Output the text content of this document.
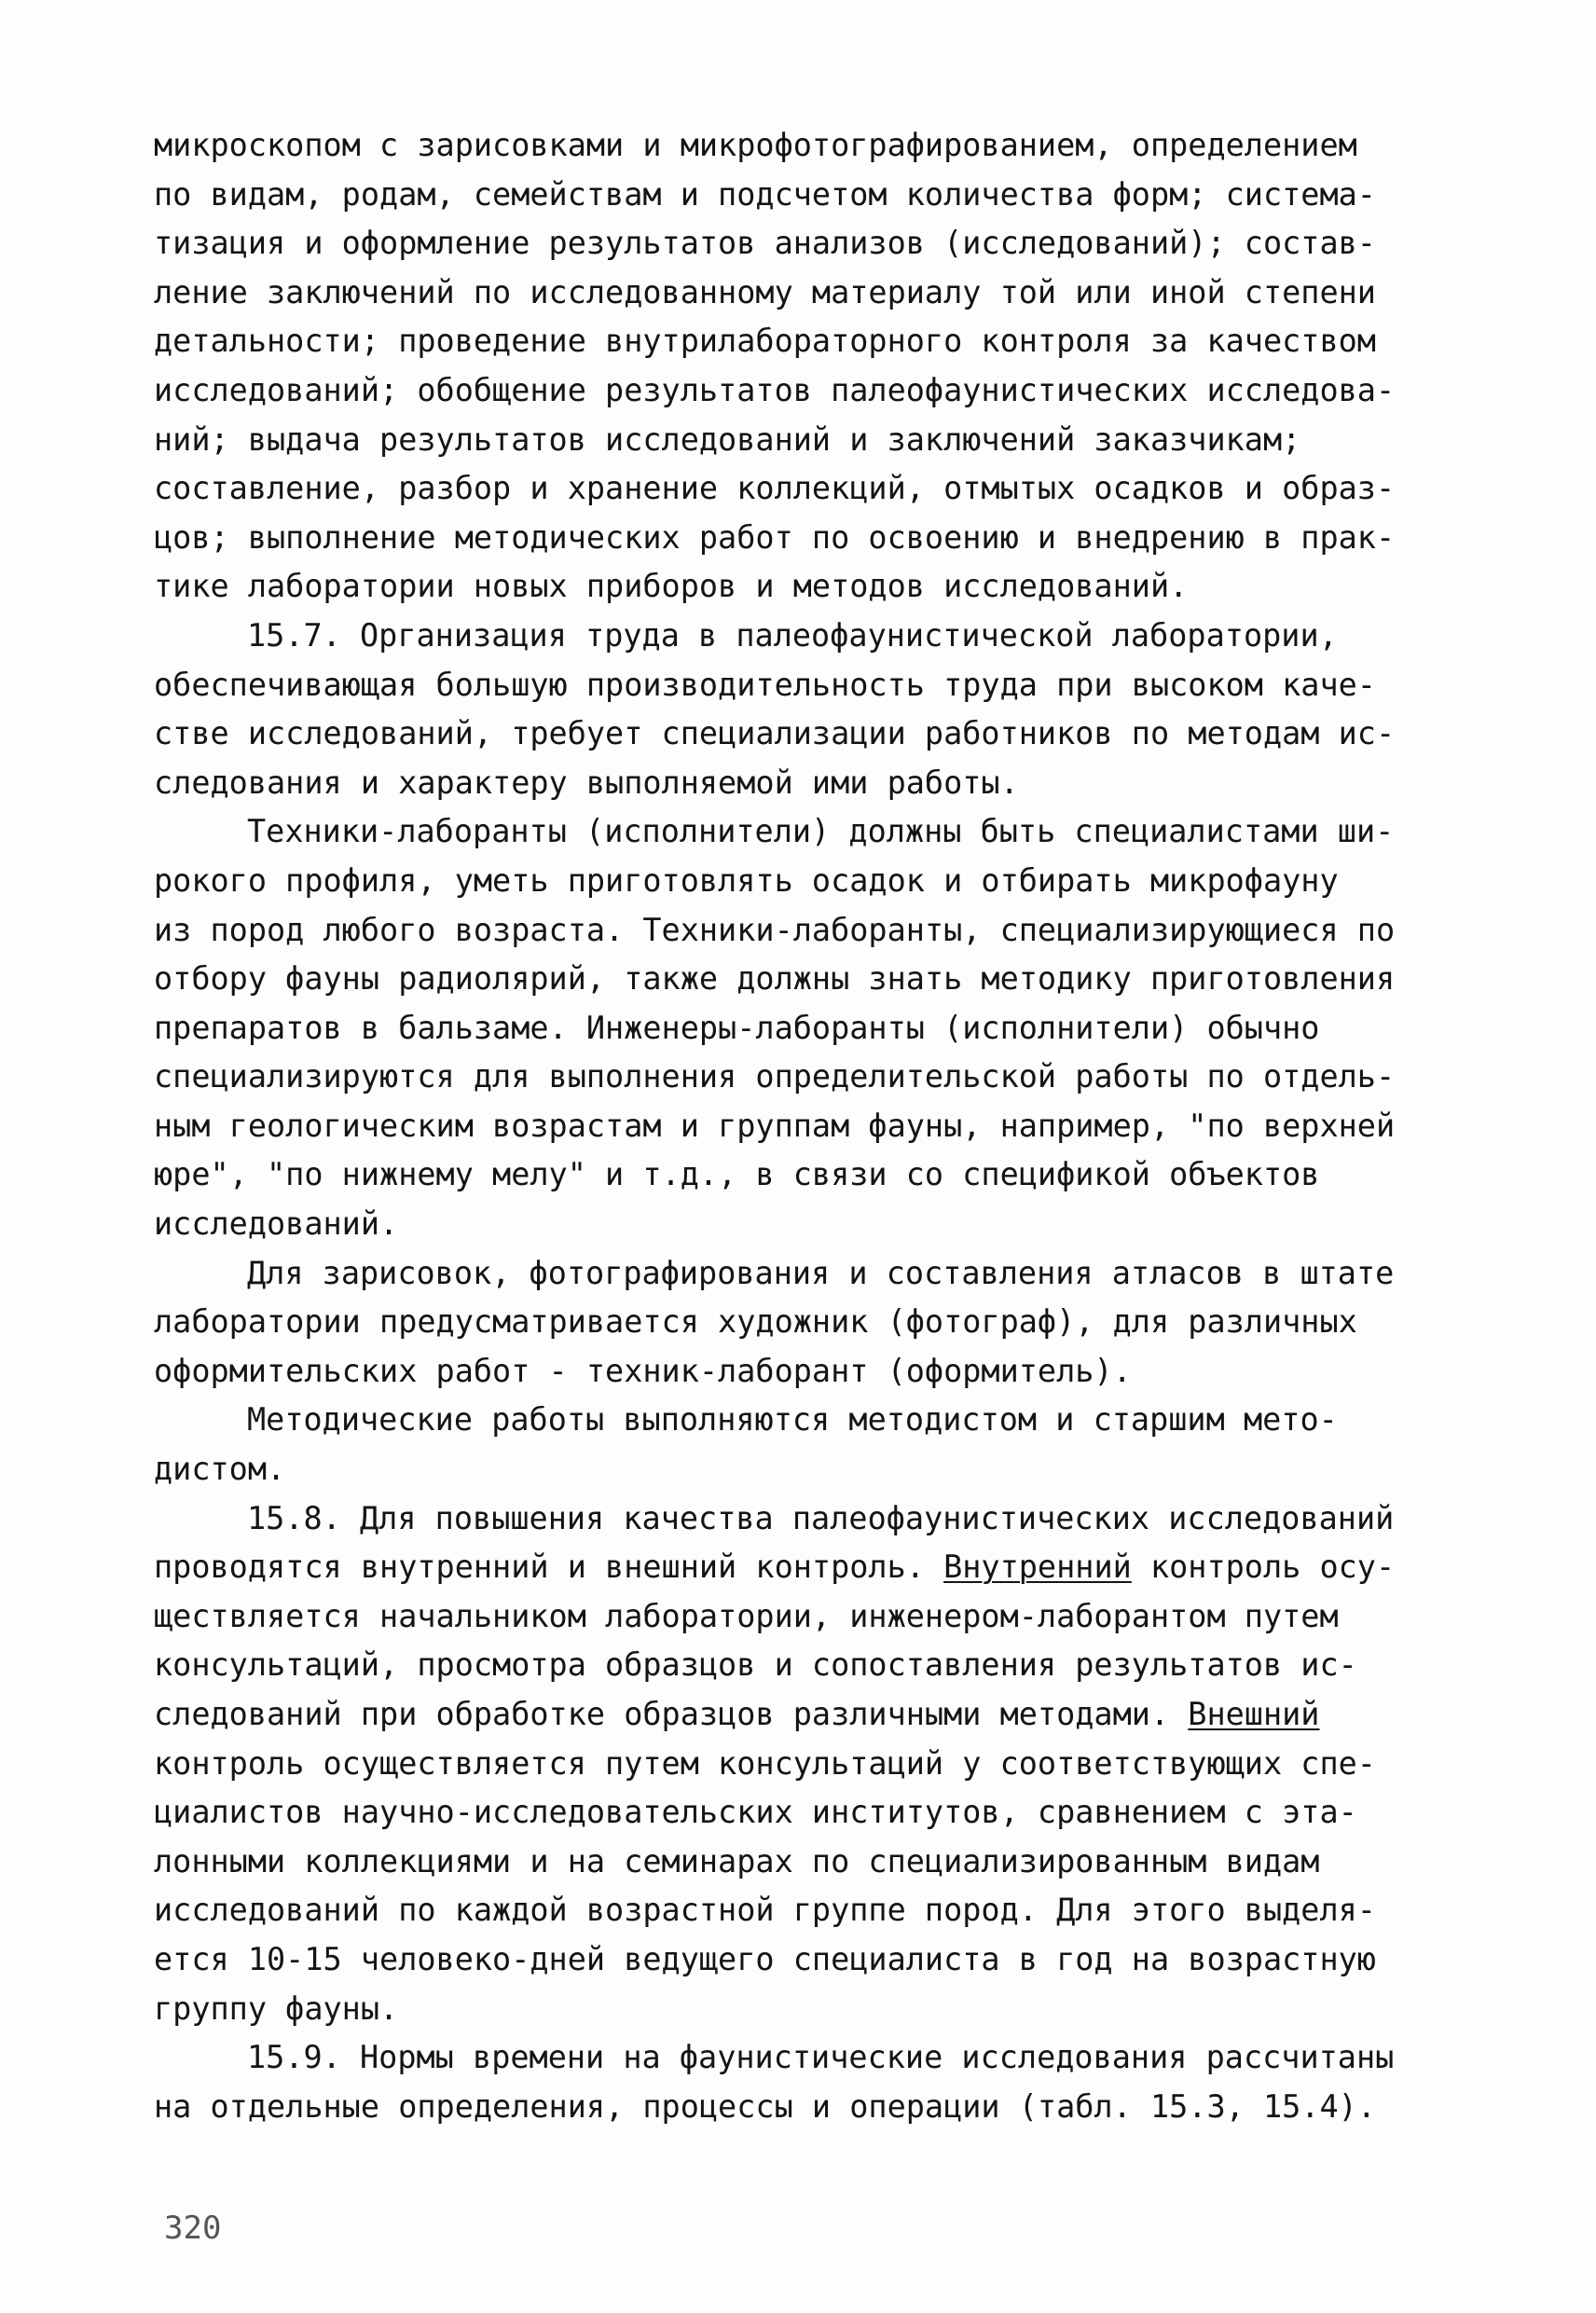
микроскопом с зарисовками и микрофотографированием, определением
по видам, родам, семействам и подсчетом количества форм; система-
тизация и оформление результатов анализов (исследований); состав-
ление заключений по исследованному материалу той или иной степени
детальности; проведение внутрилабораторного контроля за качеством
исследований; обобщение результатов палеофаунистических исследова-
ний; выдача результатов исследований и заключений заказчикам;
составление, разбор и хранение коллекций, отмытых осадков и образ-
цов; выполнение методических работ по освоению и внедрению в прак-
тике лаборатории новых приборов и методов исследований.
15.7. Организация труда в палеофаунистической лаборатории,
обеспечивающая большую производительность труда при высоком каче-
стве исследований, требует специализации работников по методам ис-
следования и характеру выполняемой ими работы.
Техники-лаборанты (исполнители) должны быть специалистами ши-
рокого профиля, уметь приготовлять осадок и отбирать микрофауну
из пород любого возраста. Техники-лаборанты, специализирующиеся по
отбору фауны радиолярий, также должны знать методику приготовления
препаратов в бальзаме. Инженеры-лаборанты (исполнители) обычно
специализируются для выполнения определительской работы по отдель-
ным геологическим возрастам и группам фауны, например, "по верхней
юре", "по нижнему мелу" и т.д., в связи со спецификой объектов
исследований.
Для зарисовок, фотографирования и составления атласов в штате
лаборатории предусматривается художник (фотограф), для различных
оформительских работ - техник-лаборант (оформитель).
Методические работы выполняются методистом и старшим мето-
дистом.
15.8. Для повышения качества палеофаунистических исследований
проводятся внутренний и внешний контроль. Внутренний контроль осу-
ществляется начальником лаборатории, инженером-лаборантом путем
консультаций, просмотра образцов и сопоставления результатов ис-
следований при обработке образцов различными методами. Внешний
контроль осуществляется путем консультаций у соответствующих спе-
циалистов научно-исследовательских институтов, сравнением с эта-
лонными коллекциями и на семинарах по специализированным видам
исследований по каждой возрастной группе пород. Для этого выделя-
ется 10-15 человеко-дней ведущего специалиста в год на возрастную
группу фауны.
15.9. Нормы времени на фаунистические исследования рассчитаны
на отдельные определения, процессы и операции (табл. 15.3, 15.4).
320
